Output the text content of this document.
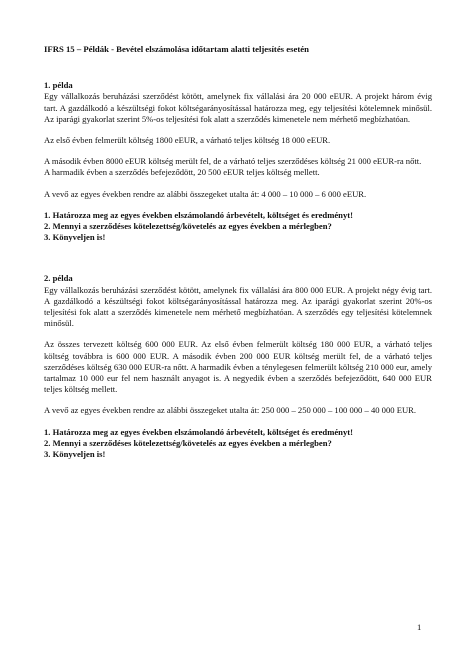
IFRS 15 – Példák - Bevétel elszámolása időtartam alatti teljesítés esetén
1. példa

Egy vállalkozás beruházási szerződést kötött, amelynek fix vállalási ára 20 000 eEUR. A projekt három évig tart. A gazdálkodó a készültségi fokot költségarányosítással határozza meg, egy teljesítési kötelemnek minősül. Az iparági gyakorlat szerint 5%-os teljesítési fok alatt a szerződés kimenetele nem mérhető megbízhatóan.

Az első évben felmerült költség 1800 eEUR, a várható teljes költség 18 000 eEUR.

A második évben 8000 eEUR költség merült fel, de a várható teljes szerződéses költség 21 000 eEUR-ra nőtt.

A harmadik évben a szerződés befejeződött, 20 500 eEUR teljes költség mellett.

A vevő az egyes években rendre az alábbi összegeket utalta át: 4 000 – 10 000 – 6 000 eEUR.

1. Határozza meg az egyes években elszámolandó árbevételt, költséget és eredményt!

2. Mennyi a szerződéses kötelezettség/követelés az egyes években a mérlegben?

3. Könyveljen is!

2. példa

Egy vállalkozás beruházási szerződést kötött, amelynek fix vállalási ára 800 000 EUR. A projekt négy évig tart. A gazdálkodó a készültségi fokot költségarányosítással határozza meg. Az iparági gyakorlat szerint 20%-os teljesítési fok alatt a szerződés kimenetele nem mérhető megbízhatóan. A szerződés egy teljesítési kötelemnek minősül.

Az összes tervezett költség 600 000 EUR. Az első évben felmerült költség 180 000 EUR, a várható teljes költség továbbra is 600 000 EUR. A második évben 200 000 EUR költség merült fel, de a várható teljes szerződéses költség 630 000 EUR-ra nőtt. A harmadik évben a ténylegesen felmerült költség 210 000 eur, amely tartalmaz 10 000 eur fel nem használt anyagot is. A negyedik évben a szerződés befejeződött, 640 000 EUR teljes költség mellett.

A vevő az egyes években rendre az alábbi összegeket utalta át: 250 000 – 250 000 – 100 000 – 40 000 EUR.

1. Határozza meg az egyes években elszámolandó árbevételt, költséget és eredményt!

2. Mennyi a szerződéses kötelezettség/követelés az egyes években a mérlegben?

3. Könyveljen is!

1
